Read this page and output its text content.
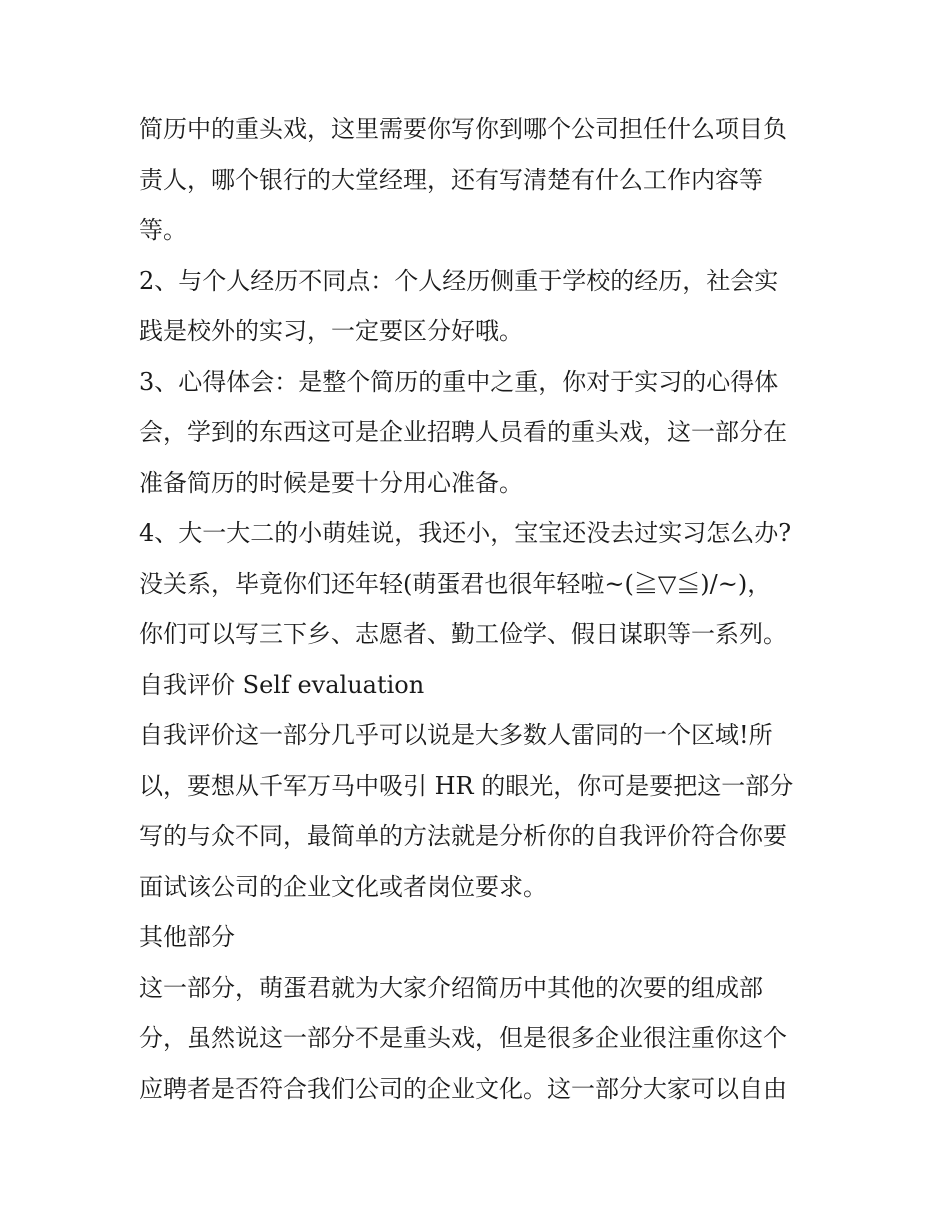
简历中的重头戏，这里需要你写你到哪个公司担任什么项目负
责人，哪个银行的大堂经理，还有写清楚有什么工作内容等
等。
2、与个人经历不同点：个人经历侧重于学校的经历，社会实
践是校外的实习，一定要区分好哦。
3、心得体会：是整个简历的重中之重，你对于实习的心得体
会，学到的东西这可是企业招聘人员看的重头戏，这一部分在
准备简历的时候是要十分用心准备。
4、大一大二的小萌娃说，我还小，宝宝还没去过实习怎么办?
没关系，毕竟你们还年轻(萌蛋君也很年轻啦~(≧▽≦)/~)，
你们可以写三下乡、志愿者、勤工俭学、假日谋职等一系列。
自我评价 Self evaluation
自我评价这一部分几乎可以说是大多数人雷同的一个区域!所
以，要想从千军万马中吸引 HR 的眼光，你可是要把这一部分
写的与众不同，最简单的方法就是分析你的自我评价符合你要
面试该公司的企业文化或者岗位要求。
其他部分
这一部分，萌蛋君就为大家介绍简历中其他的次要的组成部
分，虽然说这一部分不是重头戏，但是很多企业很注重你这个
应聘者是否符合我们公司的企业文化。这一部分大家可以自由
